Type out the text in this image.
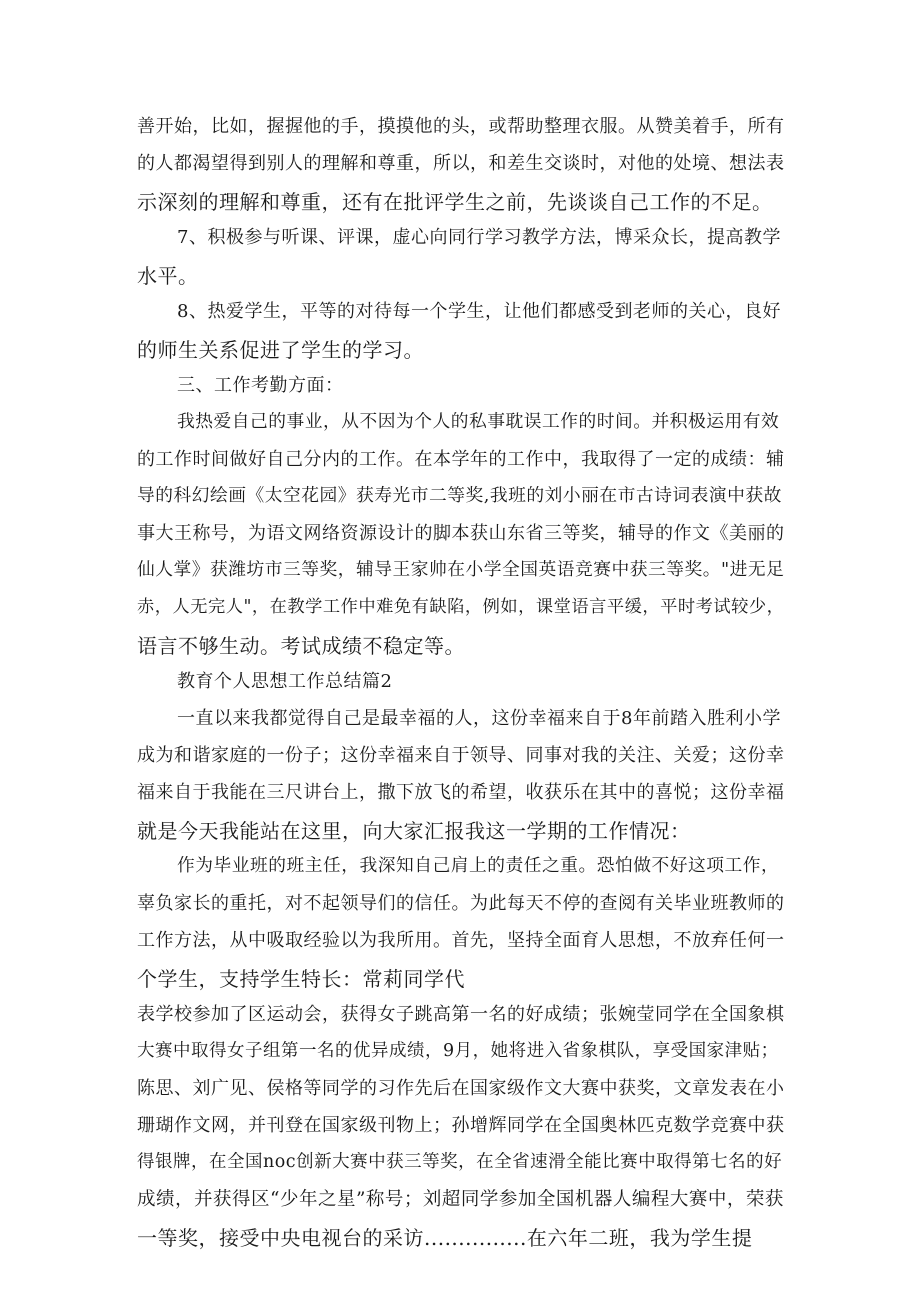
善开始，比如，握握他的手，摸摸他的头，或帮助整理衣服。从赞美着手，所有
的人都渴望得到别人的理解和尊重，所以，和差生交谈时，对他的处境、想法表
示深刻的理解和尊重，还有在批评学生之前，先谈谈自己工作的不足。
7、积极参与听课、评课，虚心向同行学习教学方法，博采众长，提高教学
水平。
8、热爱学生，平等的对待每一个学生，让他们都感受到老师的关心，良好
的师生关系促进了学生的学习。
三、工作考勤方面：
我热爱自己的事业，从不因为个人的私事耽误工作的时间。并积极运用有效
的工作时间做好自己分内的工作。在本学年的工作中，我取得了一定的成绩：辅
导的科幻绘画《太空花园》获寿光市二等奖,我班的刘小丽在市古诗词表演中获故
事大王称号，为语文网络资源设计的脚本获山东省三等奖，辅导的作文《美丽的
仙人掌》获潍坊市三等奖，辅导王家帅在小学全国英语竞赛中获三等奖。"进无足
赤，人无完人"，在教学工作中难免有缺陷，例如，课堂语言平缓，平时考试较少，
语言不够生动。考试成绩不稳定等。
教育个人思想工作总结篇2
一直以来我都觉得自己是最幸福的人，这份幸福来自于8年前踏入胜利小学
成为和谐家庭的一份子；这份幸福来自于领导、同事对我的关注、关爱；这份幸
福来自于我能在三尺讲台上，撒下放飞的希望，收获乐在其中的喜悦；这份幸福
就是今天我能站在这里，向大家汇报我这一学期的工作情况：
作为毕业班的班主任，我深知自己肩上的责任之重。恐怕做不好这项工作，
辜负家长的重托，对不起领导们的信任。为此每天不停的查阅有关毕业班教师的
工作方法，从中吸取经验以为我所用。首先，坚持全面育人思想，不放弃任何一
个学生，支持学生特长：常莉同学代
表学校参加了区运动会，获得女子跳高第一名的好成绩；张婉莹同学在全国象棋
大赛中取得女子组第一名的优异成绩，9月，她将进入省象棋队，享受国家津贴；
陈思、刘广见、侯格等同学的习作先后在国家级作文大赛中获奖，文章发表在小
珊瑚作文网，并刊登在国家级刊物上；孙增辉同学在全国奥林匹克数学竞赛中获
得银牌，在全国noc创新大赛中获三等奖，在全省速滑全能比赛中取得第七名的好
成绩，并获得区“少年之星”称号；刘超同学参加全国机器人编程大赛中，荣获
一等奖，接受中央电视台的采访...............在六年二班，我为学生提
